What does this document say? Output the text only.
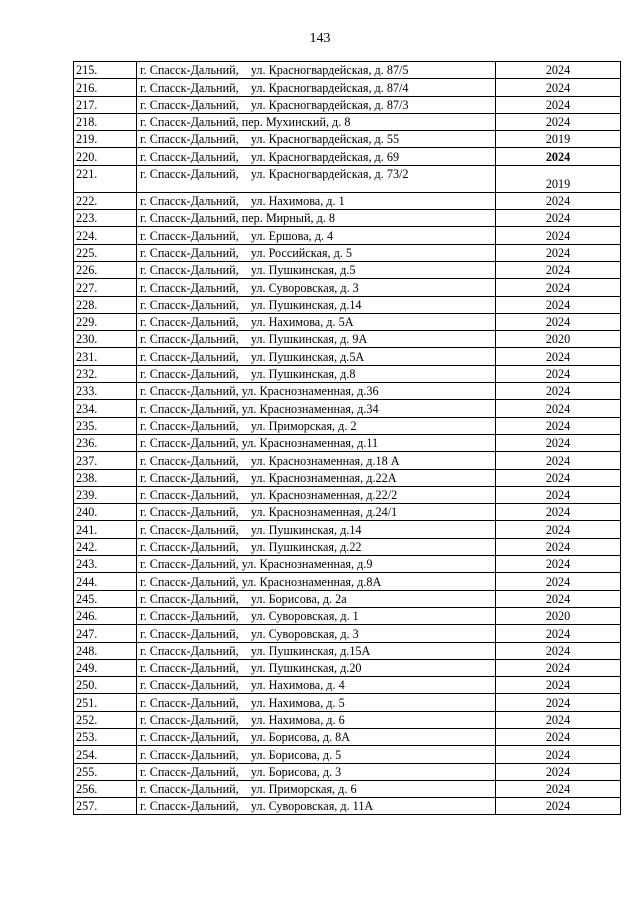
143
215.	г. Спасск-Дальний,    ул. Красногвардейская, д. 87/5	2024
216.	г. Спасск-Дальний,    ул. Красногвардейская, д. 87/4	2024
217.	г. Спасск-Дальний,    ул. Красногвардейская, д. 87/3	2024
218.	г. Спасск-Дальний, пер. Мухинский, д. 8	2024
219.	г. Спасск-Дальний,    ул. Красногвардейская, д. 55	2019
220.	г. Спасск-Дальний,    ул. Красногвардейская, д. 69	2024
221.	г. Спасск-Дальний,    ул. Красногвардейская, д. 73/2	2019
222.	г. Спасск-Дальний,    ул. Нахимова, д. 1	2024
223.	г. Спасск-Дальний, пер. Мирный, д. 8	2024
224.	г. Спасск-Дальний,    ул. Ершова, д. 4	2024
225.	г. Спасск-Дальний,    ул. Российская, д. 5	2024
226.	г. Спасск-Дальний,    ул. Пушкинская, д.5	2024
227.	г. Спасск-Дальний,    ул. Суворовская, д. 3	2024
228.	г. Спасск-Дальний,    ул. Пушкинская, д.14	2024
229.	г. Спасск-Дальний,    ул. Нахимова, д. 5А	2024
230.	г. Спасск-Дальний,    ул. Пушкинская, д. 9А	2020
231.	г. Спасск-Дальний,    ул. Пушкинская, д.5А	2024
232.	г. Спасск-Дальний,    ул. Пушкинская, д.8	2024
233.	г. Спасск-Дальний, ул. Краснознаменная, д.36	2024
234.	г. Спасск-Дальний, ул. Краснознаменная, д.34	2024
235.	г. Спасск-Дальний,    ул. Приморская, д. 2	2024
236.	г. Спасск-Дальний, ул. Краснознаменная, д.11	2024
237.	г. Спасск-Дальний,    ул. Краснознаменная, д.18 А	2024
238.	г. Спасск-Дальний,    ул. Краснознаменная, д.22А	2024
239.	г. Спасск-Дальний,    ул. Краснознаменная, д.22/2	2024
240.	г. Спасск-Дальний,    ул. Краснознаменная, д.24/1	2024
241.	г. Спасск-Дальний,    ул. Пушкинская, д.14	2024
242.	г. Спасск-Дальний,    ул. Пушкинская, д.22	2024
243.	г. Спасск-Дальний, ул. Краснознаменная, д.9	2024
244.	г. Спасск-Дальний, ул. Краснознаменная, д.8А	2024
245.	г. Спасск-Дальний,    ул. Борисова, д. 2а	2024
246.	г. Спасск-Дальний,    ул. Суворовская, д. 1	2020
247.	г. Спасск-Дальний,    ул. Суворовская, д. 3	2024
248.	г. Спасск-Дальний,    ул. Пушкинская, д.15А	2024
249.	г. Спасск-Дальний,    ул. Пушкинская, д.20	2024
250.	г. Спасск-Дальний,    ул. Нахимова, д. 4	2024
251.	г. Спасск-Дальний,    ул. Нахимова, д. 5	2024
252.	г. Спасск-Дальний,    ул. Нахимова, д. 6	2024
253.	г. Спасск-Дальний,    ул. Борисова, д. 8А	2024
254.	г. Спасск-Дальний,    ул. Борисова, д. 5	2024
255.	г. Спасск-Дальний,    ул. Борисова, д. 3	2024
256.	г. Спасск-Дальний,    ул. Приморская, д. 6	2024
257.	г. Спасск-Дальний,    ул. Суворовская, д. 11А	2024
